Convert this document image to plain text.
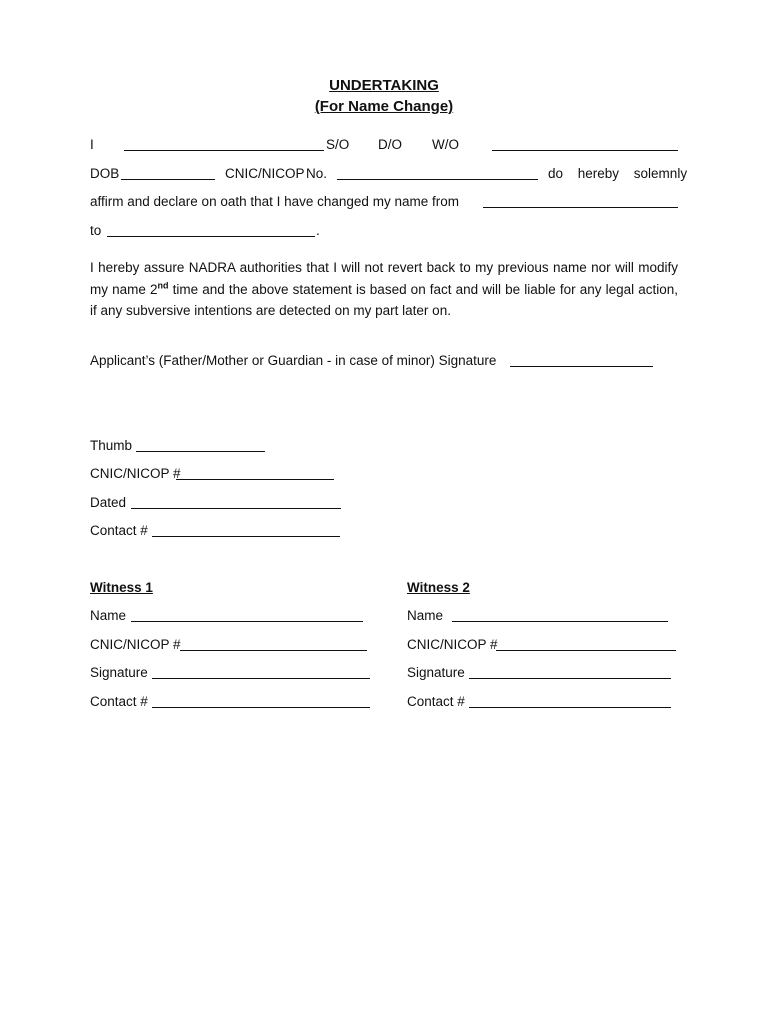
UNDERTAKING
(For Name Change)
I	S/O D/O W/O
DOB	CNIC/NICOP No.	do hereby solemnly
affirm and declare on oath that I have changed my name from
to	.
I hereby assure NADRA authorities that I will not revert back to my previous name nor will modify my name 2nd time and the above statement is based on fact and will be liable for any legal action, if any subversive intentions are detected on my part later on.
Applicant’s (Father/Mother or Guardian - in case of minor) Signature
Thumb
CNIC/NICOP #
Dated
Contact #
Witness 1
Name
CNIC/NICOP #
Signature
Contact #
Witness 2
Name
CNIC/NICOP #
Signature
Contact #
